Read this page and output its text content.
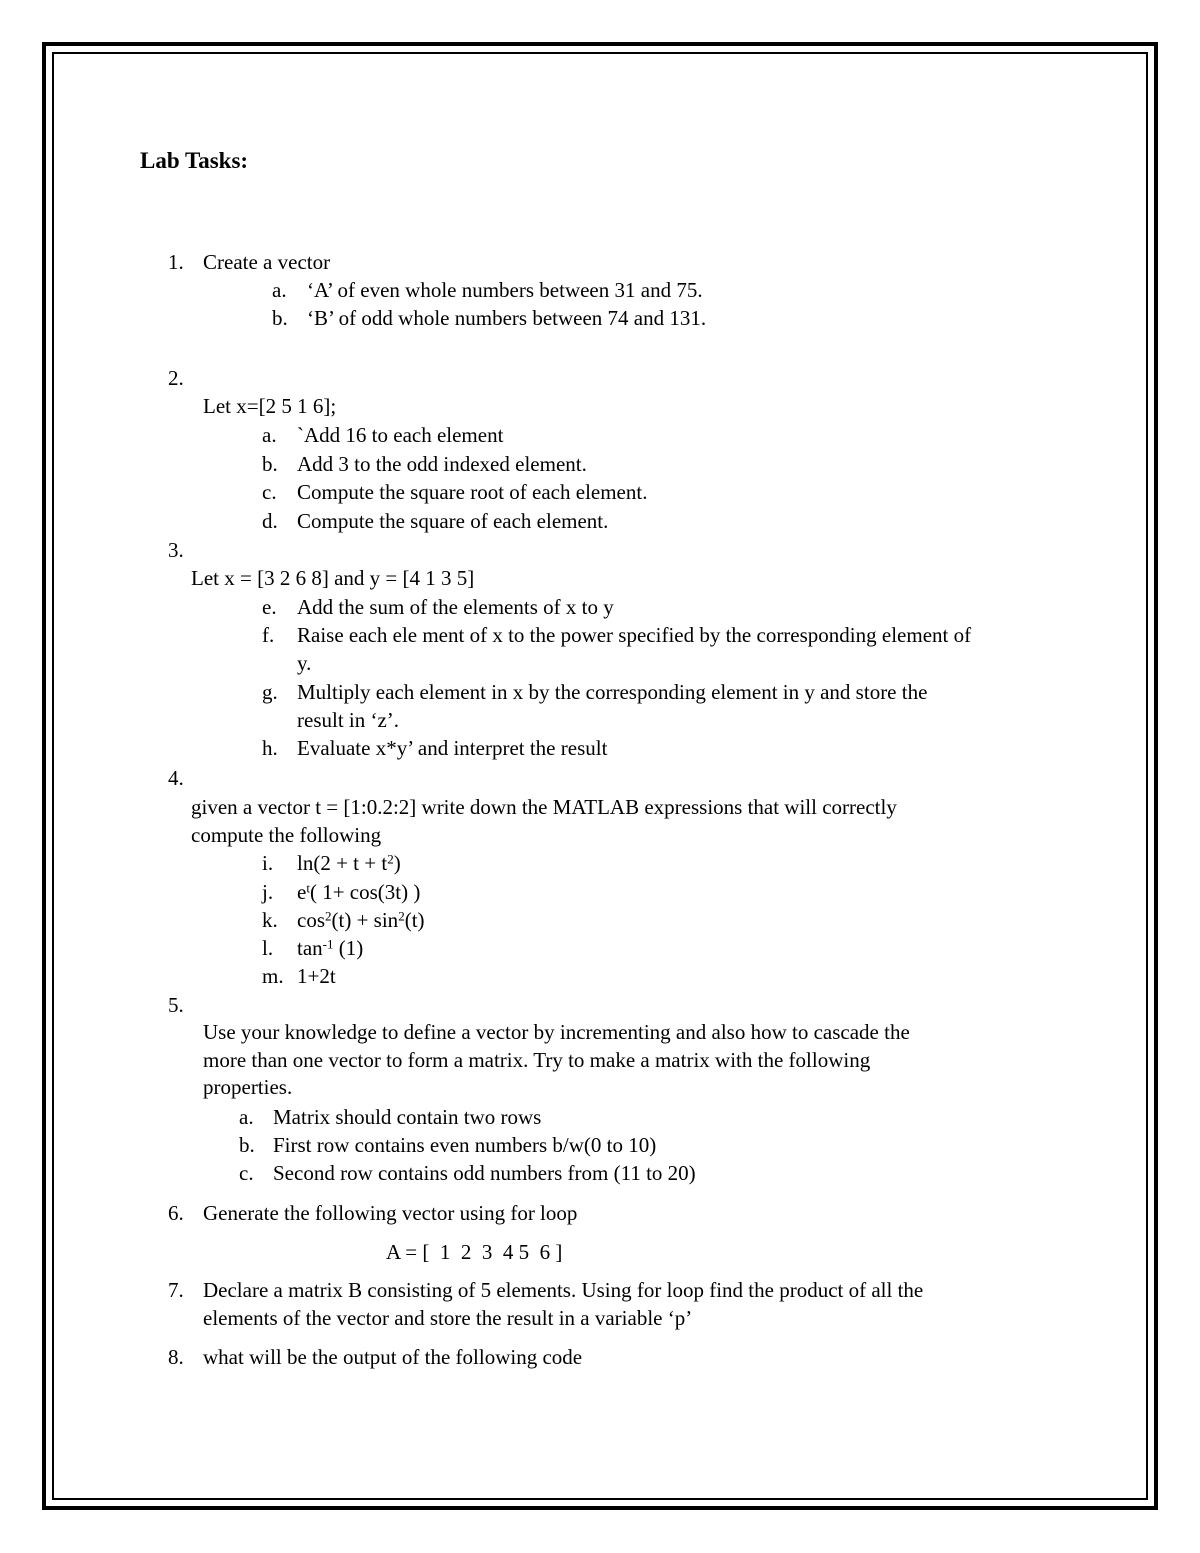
Lab Tasks:
1. Create a vector
a. ‘A’ of even whole numbers between 31 and 75.
b. ‘B’ of odd whole numbers between 74 and 131.
2.
Let x=[2 5 1 6];
a. `Add 16 to each element
b. Add 3 to the odd indexed element.
c. Compute the square root of each element.
d. Compute the square of each element.
3.
Let x = [3 2 6 8] and y = [4 1 3 5]
e. Add the sum of the elements of x to y
f. Raise each ele ment of x to the power specified by the corresponding element of
y.
g. Multiply each element in x by the corresponding element in y and store the
result in ‘z’.
h. Evaluate x*y’ and interpret the result
4.
given a vector t = [1:0.2:2] write down the MATLAB expressions that will correctly
compute the following
i. $\ln(2 + t + t^2)$
j. $e^t$( 1+ cos(3t) )
k. $\cos^2(t) + \sin^2(t)$
l. $\tan^{-1} (1)$
m. 1+2t
5.
Use your knowledge to define a vector by incrementing and also how to cascade the
more than one vector to form a matrix. Try to make a matrix with the following
properties.
a. Matrix should contain two rows
b. First row contains even numbers b/w(0 to 10)
c. Second row contains odd numbers from (11 to 20)
6. Generate the following vector using for loop
A = [  1  2  3  4 5  6 ]
7. Declare a matrix B consisting of 5 elements. Using for loop find the product of all the
elements of the vector and store the result in a variable ‘p’
8. what will be the output of the following code
